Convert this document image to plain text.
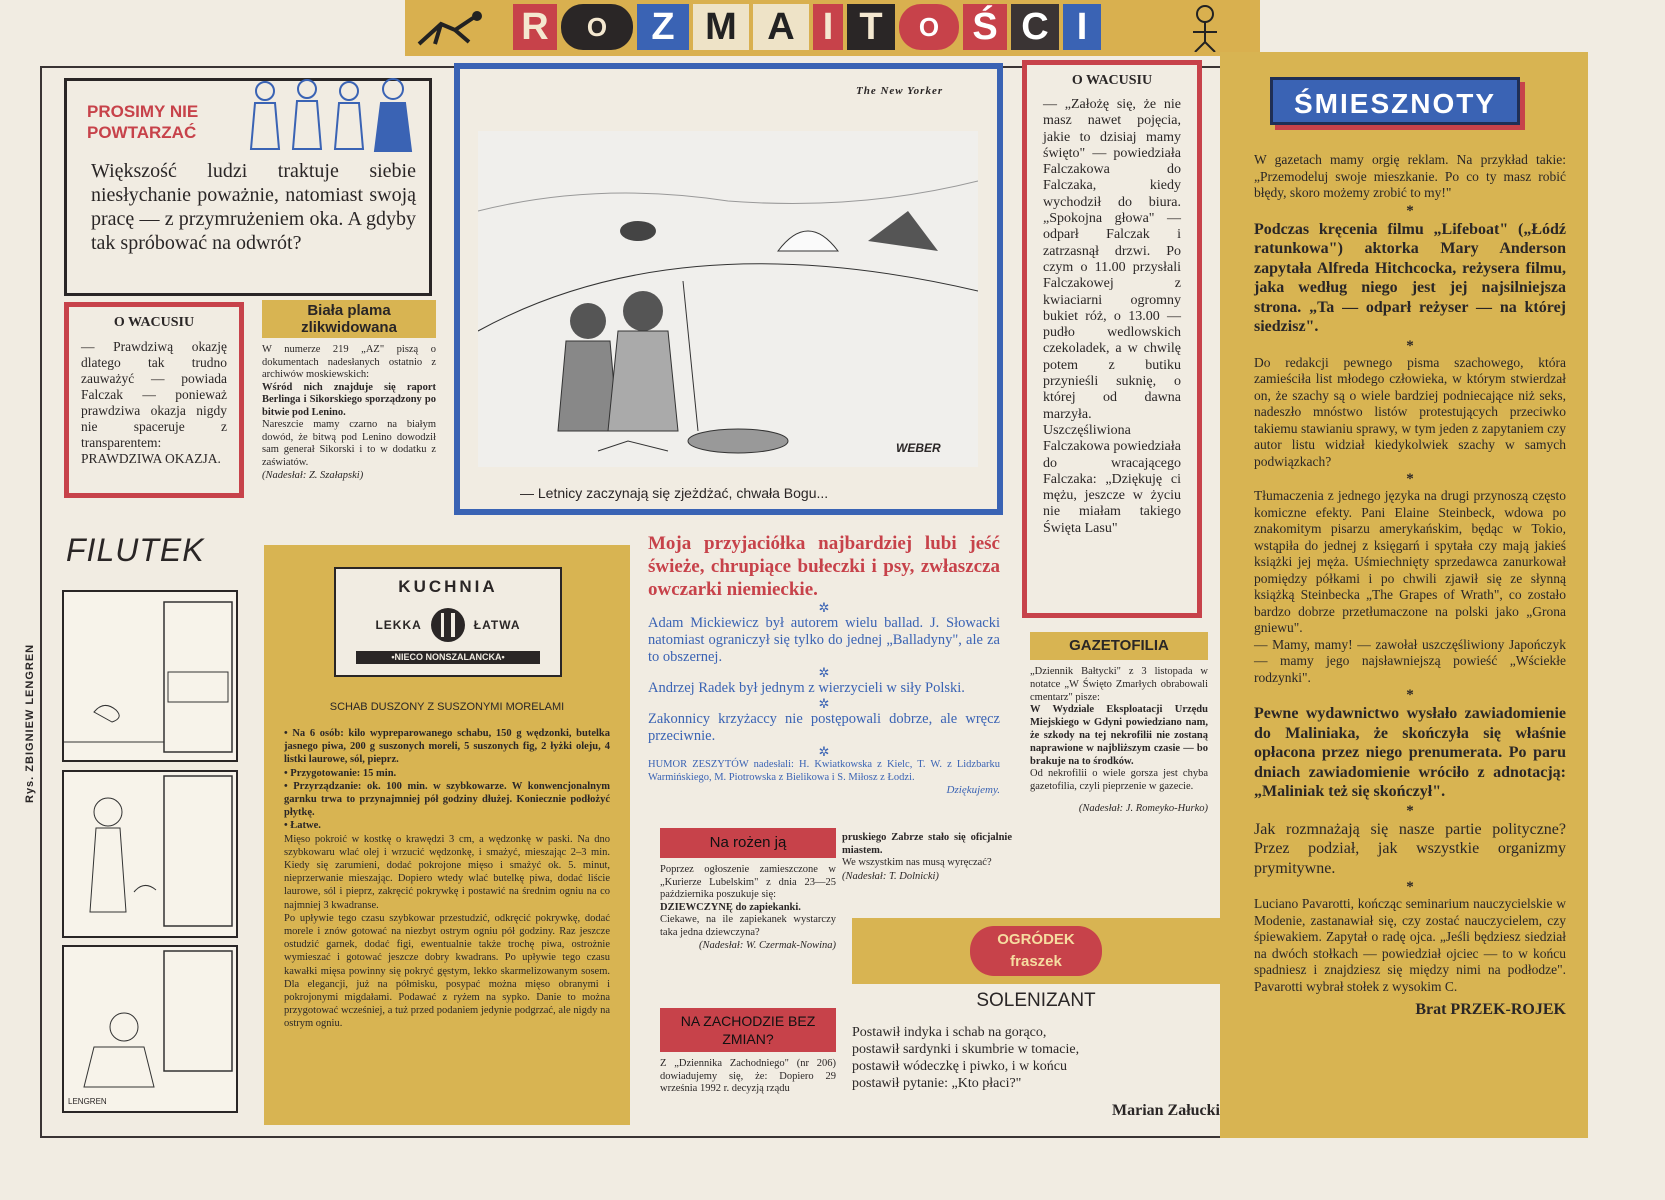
R	O	Z M A I T	O Ś C I
Rys. ZBIGNIEW LENGREN
PROSIMY NIE POWTARZAĆ
Większość ludzi traktuje siebie niesłychanie poważnie, natomiast swoją pracę — z przymrużeniem oka. A gdyby tak spróbować na odwrót?
O WACUSIU
— Prawdziwą okazję dlatego tak trudno zauważyć — powiada Falczak — ponieważ prawdziwa okazja nigdy nie spaceruje z transparentem: PRAWDZIWA OKAZJA.
Biała plama zlikwidowana
W numerze 219 „AZ" piszą o dokumentach nadesłanych ostatnio z archiwów moskiewskich:
Wśród nich znajduje się raport Berlinga i Sikorskiego sporządzony po bitwie pod Lenino.
Nareszcie mamy czarno na białym dowód, że bitwą pod Lenino dowodził sam generał Sikorski i to w dodatku z zaświatów.
(Nadesłał: Z. Szałapski)
FILUTEK
LENGREN
The New Yorker
WEBER
— Letnicy zaczynają się zjeżdżać, chwała Bogu...
O WACUSIU
— „Założę się, że nie masz nawet pojęcia, jakie to dzisiaj mamy święto" — powiedziała Falczakowa do Falczaka, kiedy wychodził do biura. „Spokojna głowa" — odparł Falczak i zatrzasnął drzwi. Po czym o 11.00 przysłali Falczakowej z kwiaciarni ogromny bukiet róż, o 13.00 — pudło wedlowskich czekoladek, a w chwilę potem z butiku przynieśli suknię, o której od dawna marzyła. Uszczęśliwiona Falczakowa powiedziała do wracającego Falczaka: „Dziękuję ci mężu, jeszcze w życiu nie miałam takiego Święta Lasu"
ŚMIESZNOTY
W gazetach mamy orgię reklam. Na przykład takie: „Przemodeluj swoje mieszkanie. Po co ty masz robić błędy, skoro możemy zrobić to my!"
*
Podczas kręcenia filmu „Lifeboat" („Łódź ratunkowa") aktorka Mary Anderson zapytała Alfreda Hitchcocka, reżysera filmu, jaka według niego jest jej najsilniejsza strona. „Ta — odparł reżyser — na której siedzisz".
*
Do redakcji pewnego pisma szachowego, która zamieściła list młodego człowieka, w którym stwierdzał on, że szachy są o wiele bardziej podniecające niż seks, nadeszło mnóstwo listów protestujących przeciwko takiemu stawianiu sprawy, w tym jeden z zapytaniem czy autor listu widział kiedykolwiek szachy w samych podwiązkach?
*
Tłumaczenia z jednego języka na drugi przynoszą często komiczne efekty. Pani Elaine Steinbeck, wdowa po znakomitym pisarzu amerykańskim, będąc w Tokio, wstąpiła do jednej z księgarń i spytała czy mają jakieś książki jej męża. Uśmiechnięty sprzedawca zanurkował pomiędzy półkami i po chwili zjawił się ze słynną książką Steinbecka „The Grapes of Wrath", co zostało bardzo dobrze przetłumaczone na polski jako „Grona gniewu".
— Mamy, mamy! — zawołał uszczęśliwiony Japończyk — mamy jego najsławniejszą powieść „Wściekłe rodzynki".
*
Pewne wydawnictwo wysłało zawiadomienie do Maliniaka, że skończyła się właśnie opłacona przez niego prenumerata. Po paru dniach zawiadomienie wróciło z adnotacją: „Maliniak też się skończył".
*
Jak rozmnażają się nasze partie polityczne? Przez podział, jak wszystkie organizmy prymitywne.
*
Luciano Pavarotti, kończąc seminarium nauczycielskie w Modenie, zastanawiał się, czy zostać nauczycielem, czy śpiewakiem. Zapytał o radę ojca. „Jeśli będziesz siedział na dwóch stołkach — powiedział ojciec — to w końcu spadniesz i znajdziesz się między nimi na podłodze". Pavarotti wybrał stołek z wysokim C.
Brat PRZEK-ROJEK
KUCHNIA
LEKKA	ŁATWA
•NIECO NONSZALANCKA•
SCHAB DUSZONY Z SUSZONYMI MORELAMI
• Na 6 osób: kilo wypreparowanego schabu, 150 g wędzonki, butelka jasnego piwa, 200 g suszonych moreli, 5 suszonych fig, 2 łyżki oleju, 4 listki laurowe, sól, pieprz.
• Przygotowanie: 15 min.
• Przyrządzanie: ok. 100 min. w szybkowarze. W konwencjonalnym garnku trwa to przynajmniej pół godziny dłużej. Koniecznie podłożyć płytkę.
• Łatwe.
Mięso pokroić w kostkę o krawędzi 3 cm, a wędzonkę w paski. Na dno szybkowaru wlać olej i wrzucić wędzonkę, i smażyć, mieszając 2–3 min. Kiedy się zarumieni, dodać pokrojone mięso i smażyć ok. 5. minut, nieprzerwanie mieszając. Dopiero wtedy wlać butelkę piwa, dodać liście laurowe, sól i pieprz, zakręcić pokrywkę i postawić na średnim ogniu na co najmniej 3 kwadranse.
Po upływie tego czasu szybkowar przestudzić, odkręcić pokrywkę, dodać morele i znów gotować na niezbyt ostrym ogniu pół godziny. Raz jeszcze ostudzić garnek, dodać figi, ewentualnie także trochę piwa, ostrożnie wymieszać i gotować jeszcze dobry kwadrans. Po upływie tego czasu kawałki mięsa powinny się pokryć gęstym, lekko skarmelizowanym sosem. Dla elegancji, już na półmisku, posypać można mięso obranymi i pokrojonymi migdałami. Podawać z ryżem na sypko. Danie to można przygotować wcześniej, a tuż przed podaniem jedynie podgrzać, ale nigdy na ostrym ogniu.
Moja przyjaciółka najbardziej lubi jeść świeże, chrupiące bułeczki i psy, zwłaszcza owczarki niemieckie.
✲
Adam Mickiewicz był autorem wielu ballad. J. Słowacki natomiast ograniczył się tylko do jednej „Balladyny", ale za to obszernej.
✲
Andrzej Radek był jednym z wierzycieli w siły Polski.
✲
Zakonnicy krzyżaccy nie postępowali dobrze, ale wręcz przeciwnie.
✲
HUMOR ZESZYTÓW nadesłali: H. Kwiatkowska z Kielc, T. W. z Lidzbarku Warmińskiego, M. Piotrowska z Bielikowa i S. Miłosz z Łodzi.
Dziękujemy.
GAZETOFILIA
„Dziennik Bałtycki" z 3 listopada w notatce „W Święto Zmarłych obrabowali cmentarz" pisze:
W Wydziale Eksploatacji Urzędu Miejskiego w Gdyni powiedziano nam, że szkody na tej nekrofilii nie zostaną naprawione w najbliższym czasie — bo brakuje na to środków.
Od nekrofilii o wiele gorsza jest chyba gazetofilia, czyli pieprzenie w gazecie.
(Nadesłał: J. Romeyko-Hurko)
Na rożen ją
Poprzez ogłoszenie zamieszczone w „Kurierze Lubelskim" z dnia 23—25 października poszukuje się:
DZIEWCZYNĘ do zapiekanki.
Ciekawe, na ile zapiekanek wystarczy taka jedna dziewczyna?
(Nadesłał: W. Czermak-Nowina)
NA ZACHODZIE BEZ ZMIAN?
Z „Dziennika Zachodniego" (nr 206) dowiadujemy się, że: Dopiero 29 września 1992 r. decyzją rządu
pruskiego Zabrze stało się oficjalnie miastem.
We wszystkim nas musą wyręczać?
(Nadesłał: T. Dolnicki)
OGRÓDEK fraszek
SOLENIZANT
Postawił indyka i schab na gorąco,
postawił sardynki i skumbrie w tomacie,
postawił wódeczkę i piwko, i w końcu
postawił pytanie: „Kto płaci?"
Marian Załucki
